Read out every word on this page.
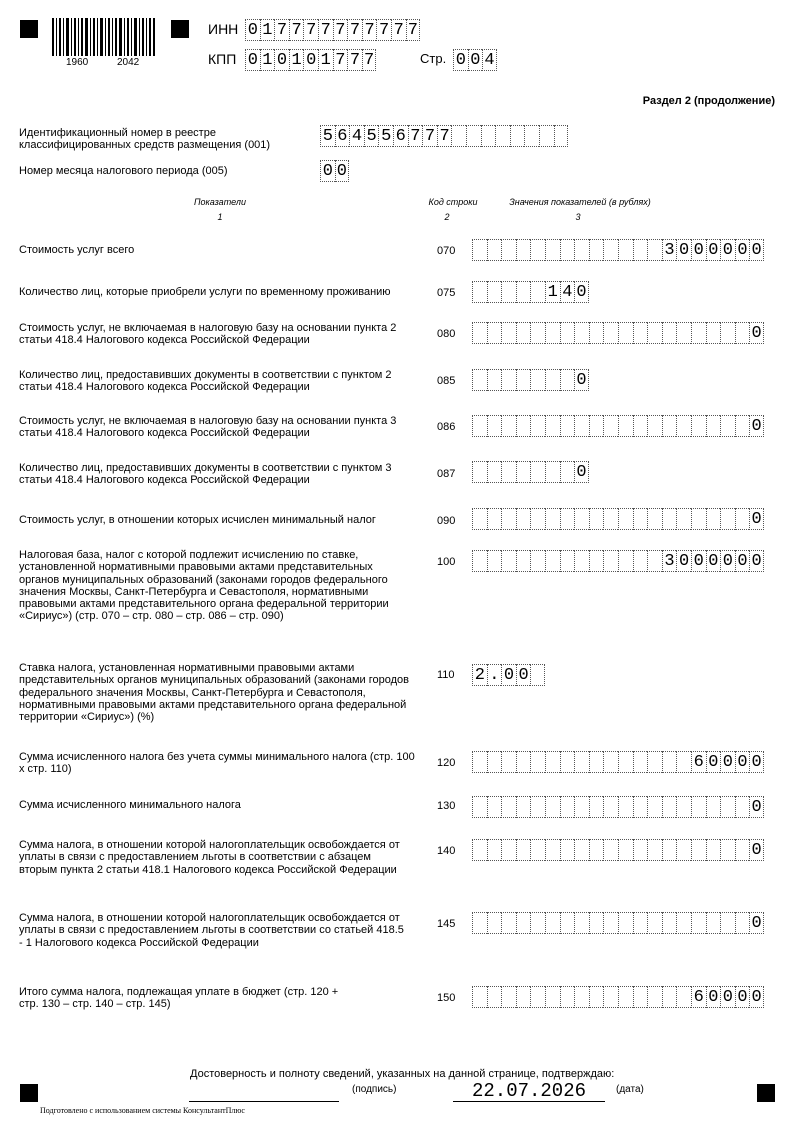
1960	2042
ИНН 0 1 7 7 7 7 7 7 7 7 7 7
КПП 0 1 0 1 0 1 7 7 7	Стр. 0 0 4
Раздел 2 (продолжение)
Идентификационный номер в реестре классифицированных средств размещения (001)	5 6 4 5 5 6 7 7 7
Номер месяца налогового периода (005)	0 0
Показатели
1
Код строки
2
Значения показателей (в рублях)
3
Стоимость услуг всего	070	3 0 0 0 0 0 0
Количество лиц, которые приобрели услуги по временному проживанию	075	1 4 0
Стоимость услуг, не включаемая в налоговую базу на основании пункта 2 статьи 418.4 Налогового кодекса Российской Федерации
080	0
Количество лиц, предоставивших документы в соответствии с пунктом 2 статьи 418.4 Налогового кодекса Российской Федерации
085	0
Стоимость услуг, не включаемая в налоговую базу на основании пункта 3 статьи 418.4 Налогового кодекса Российской Федерации
086	0
Количество лиц, предоставивших документы в соответствии с пунктом 3 статьи 418.4 Налогового кодекса Российской Федерации
087	0
Стоимость услуг, в отношении которых исчислен минимальный налог	090	0
Налоговая база, налог с которой подлежит исчислению по ставке, установленной нормативными правовыми актами представительных органов муниципальных образований (законами городов федерального значения Москвы, Санкт-Петербурга и Севастополя, нормативными правовыми актами представительного органа федеральной территории «Сириус») (стр. 070 – стр. 080 – стр. 086 – стр. 090)
100	3 0 0 0 0 0 0
Ставка налога, установленная нормативными правовыми актами представительных органов муниципальных образований (законами городов федерального значения Москвы, Санкт-Петербурга и Севастополя, нормативными правовыми актами представительного органа федеральной территории «Сириус») (%)
110 2 . 0 0
Сумма исчисленного налога без учета суммы минимального налога (стр. 100 х стр. 110)
120	6 0 0 0 0
Сумма исчисленного минимального налога	130	0
Сумма налога, в отношении которой налогоплательщик освобождается от уплаты в связи с предоставлением льготы в соответствии с абзацем вторым пункта 2 статьи 418.1 Налогового кодекса Российской Федерации
140	0
Сумма налога, в отношении которой налогоплательщик освобождается от уплаты в связи с предоставлением льготы в соответствии со статьей 418.5 - 1 Налогового кодекса Российской Федерации
145	0
Итого сумма налога, подлежащая уплате в бюджет (стр. 120 + стр. 130 – стр. 140 – стр. 145)
150	6 0 0 0 0
Достоверность и полноту сведений, указанных на данной странице, подтверждаю:
(подпись)	22.07.2026	(дата)
Подготовлено с использованием системы КонсультантПлюс
